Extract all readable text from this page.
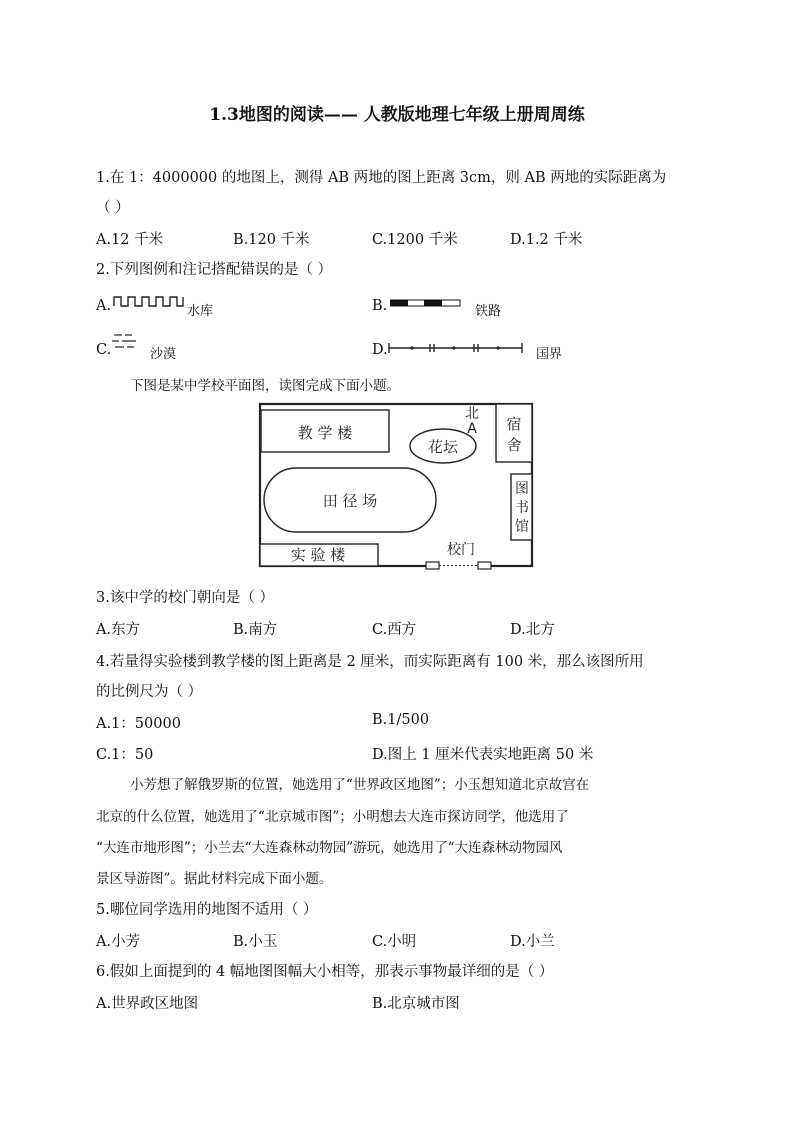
1.3地图的阅读—— 人教版地理七年级上册周周练
1.在 1：4000000 的地图上，测得 AB 两地的图上距离 3cm，则 AB 两地的实际距离为
（ ）
A.12 千米	B.120 千米	C.1200 千米	D.1.2 千米
2.下列图例和注记搭配错误的是（ ）
A.	水库	B.	铁路
C.	沙漠	D.	国界
下图是某中学校平面图，读图完成下面小题。
教 学 楼
花坛
宿
舍
北
A
田 径 场
图
书
馆
实 验 楼	校门
3.该中学的校门朝向是（ ）
A.东方	B.南方	C.西方	D.北方
4.若量得实验楼到教学楼的图上距离是 2 厘米，而实际距离有 100 米，那么该图所用
的比例尺为（ ）
A.1：50000	B.1/500
C.1：50	D.图上 1 厘米代表实地距离 50 米
小芳想了解俄罗斯的位置，她选用了“世界政区地图”；小玉想知道北京故宫在
北京的什么位置，她选用了“北京城市图”；小明想去大连市探访同学，他选用了
“大连市地形图”；小兰去“大连森林动物园”游玩，她选用了“大连森林动物园风
景区导游图”。据此材料完成下面小题。
5.哪位同学选用的地图不适用（ ）
A.小芳	B.小玉	C.小明	D.小兰
6.假如上面提到的 4 幅地图图幅大小相等，那表示事物最详细的是（ ）
A.世界政区地图	B.北京城市图
